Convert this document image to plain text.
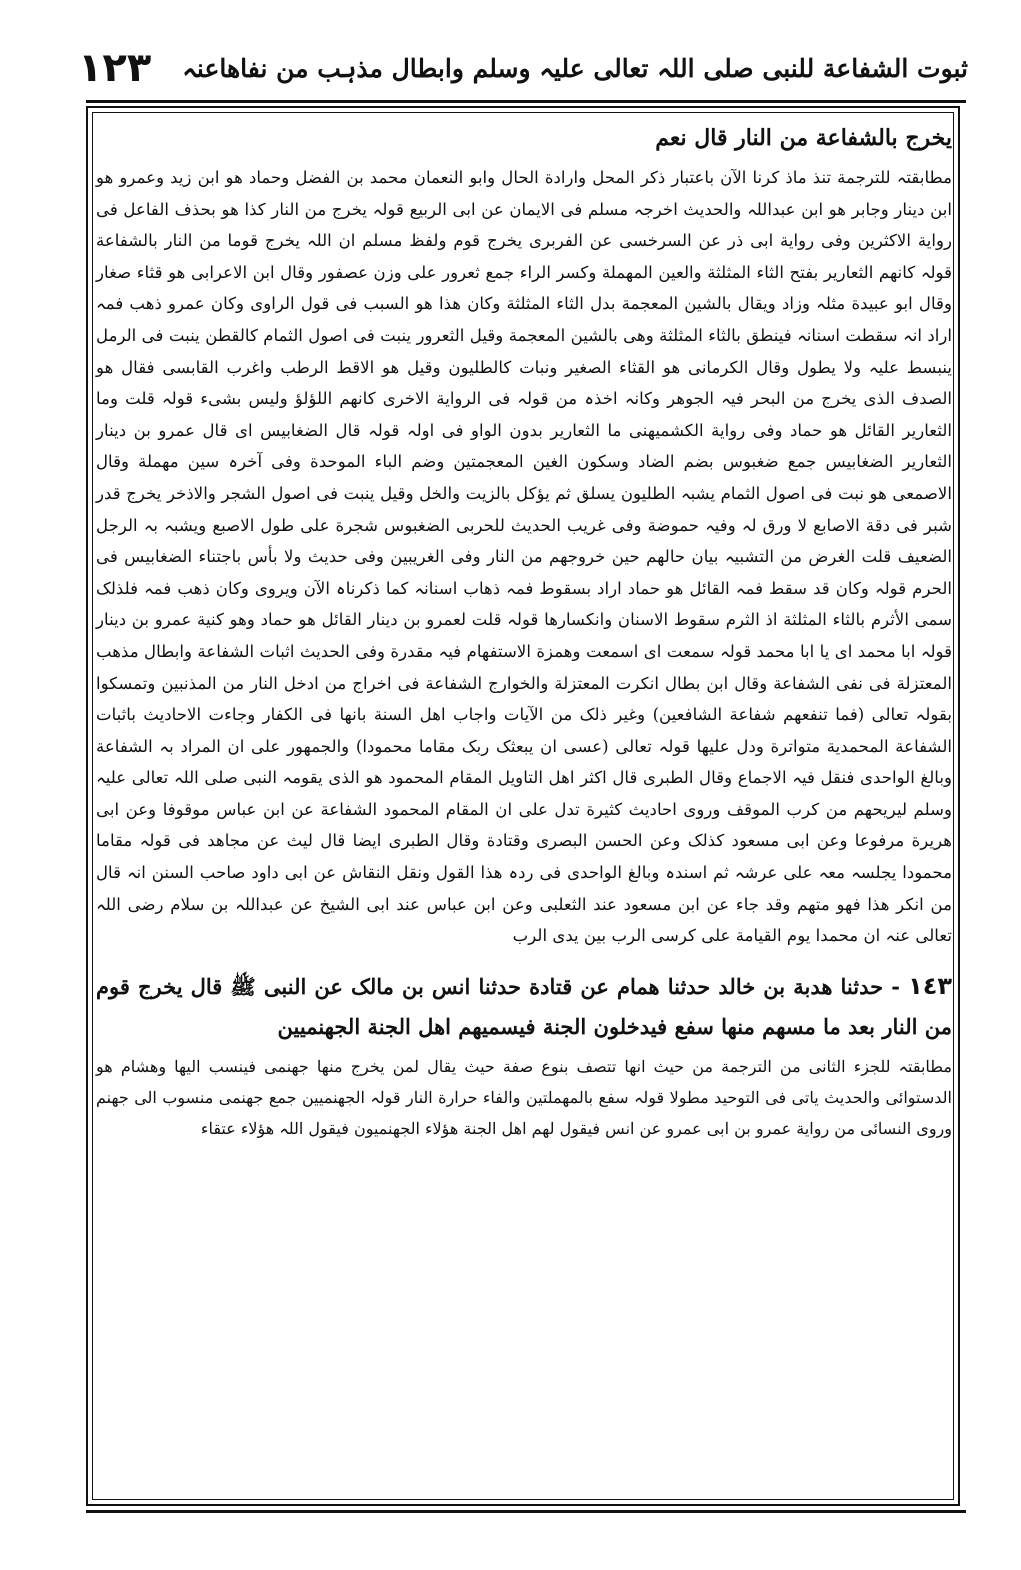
١٢٣ ثبوت الشفاعة للنبی صلی اللہ تعالی علیہ وسلم وابطال مذہب من نفاھاعنہ

یخرج بالشفاعة من النار قال نعم

مطابقتہ للترجمة تنذ ماذ کرنا الآن باعتبار ذکر المحل وارادة الحال وابو النعمان محمد بن الفضل وحماد ھو ابن زید وعمرو ھو ابن دینار وجابر ھو ابن عبداللہ والحدیث اخرجہ مسلم فی الایمان عن ابی الربیع قولہ یخرج من النار کذا ھو بحذف الفاعل فی روایة الاکثرین وفی روایة ابی ذر عن السرخسی عن الفربری یخرج قوم ولفظ مسلم ان اللہ یخرج قوما من النار بالشفاعة قولہ کانھم الثعاریر بفتح الثاء المثلثة والعین المھملة وکسر الراء جمع ثعرور علی وزن عصفور وقال ابن الاعرابی ھو قثاء صغار وقال ابو عبیدة مثلہ وزاد ویقال بالشین المعجمة بدل الثاء المثلثة وکان ھذا ھو السبب فی قول الراوی وکان عمرو ذھب فمہ اراد انہ سقطت اسنانہ فینطق بالثاء المثلثة وھی بالشین المعجمة وقیل الثعرور ینبت فی اصول الثمام کالقطن ینبت فی الرمل ینبسط علیہ ولا یطول وقال الکرمانی ھو القثاء الصغیر ونبات کالطلیون وقیل ھو الاقط الرطب واغرب القابسی فقال ھو الصدف الذی یخرج من البحر فیہ الجوھر وکانہ اخذہ من قولہ فی الروایة الاخری کانھم اللؤلؤ ولیس بشیء قولہ قلت وما الثعاریر القائل ھو حماد وفی روایة الکشمیھنی ما الثعاریر بدون الواو فی اولہ قولہ قال الضغابیس ای قال عمرو بن دینار الثعاریر الضغابیس جمع ضغبوس بضم الضاد وسکون الغین المعجمتین وضم الباء الموحدة وفی آخرہ سین مھملة وقال الاصمعی ھو نبت فی اصول الثمام یشبہ الطلیون یسلق ثم یؤکل بالزیت والخل وقیل ینبت فی اصول الشجر والاذخر یخرج قدر شبر فی دقة الاصابع لا ورق لہ وفیہ حموضة وفی غریب الحدیث للحربی الضغبوس شجرة علی طول الاصبع ویشبہ بہ الرجل الضعیف قلت الغرض من التشبیہ بیان حالھم حین خروجھم من النار وفی الغریبین وفی حدیث ولا بأس باجتناء الضغابیس فی الحرم قولہ وکان قد سقط فمہ القائل ھو حماد اراد بسقوط فمہ ذھاب اسنانہ کما ذکرناہ الآن ویروی وکان ذھب فمہ فلذلک سمی الأثرم بالثاء المثلثة اذ الثرم سقوط الاسنان وانکسارھا قولہ قلت لعمرو بن دینار القائل ھو حماد وھو کنیة عمرو بن دینار قولہ ابا محمد ای یا ابا محمد قولہ سمعت ای اسمعت وھمزة الاستفھام فیہ مقدرة وفی الحدیث اثبات الشفاعة وابطال مذھب المعتزلة فی نفی الشفاعة وقال ابن بطال انکرت المعتزلة والخوارج الشفاعة فی اخراج من ادخل النار من المذنبین وتمسکوا بقولہ تعالی (فما تنفعھم شفاعة الشافعین) وغیر ذلک من الآیات واجاب اھل السنة بانھا فی الکفار وجاءت الاحادیث باثبات الشفاعة المحمدیة متواترة ودل علیھا قولہ تعالی (عسی ان یبعثک ربک مقاما محمودا) والجمھور علی ان المراد بہ الشفاعة وبالغ الواحدی فنقل فیہ الاجماع وقال الطبری قال اکثر اھل التاویل المقام المحمود ھو الذی یقومہ النبی صلی اللہ تعالی علیہ وسلم لیریحھم من کرب الموقف وروی احادیث کثیرة تدل علی ان المقام المحمود الشفاعة عن ابن عباس موقوفا وعن ابی ھریرة مرفوعا وعن ابی مسعود کذلک وعن الحسن البصری وقتادة وقال الطبری ایضا قال لیث عن مجاھد فی قولہ مقاما محمودا یجلسہ معہ علی عرشہ ثم اسندہ وبالغ الواحدی فی ردہ ھذا القول ونقل النقاش عن ابی داود صاحب السنن انہ قال من انکر ھذا فھو متھم وقد جاء عن ابن مسعود عند الثعلبی وعن ابن عباس عند ابی الشیخ عن عبداللہ بن سلام رضی اللہ تعالی عنہ ان محمدا یوم القیامة علی کرسی الرب بین یدی الرب

١٤٣ - حدثنا ھدبة بن خالد حدثنا ھمام عن قتادة حدثنا انس بن مالک عن النبی ﷺ قال یخرج قوم من النار بعد ما مسھم منھا سفع فیدخلون الجنة فیسمیھم اھل الجنة الجھنمیین

مطابقتہ للجزء الثانی من الترجمة من حیث انھا تتصف بنوع صفة حیث یقال لمن یخرج منھا جھنمی فینسب الیھا وھشام ھو الدستوائی والحدیث یاتی فی التوحید مطولا قولہ سفع بالمھملتین والفاء حرارة النار قولہ الجھنمیین جمع جھنمی منسوب الی جھنم وروی النسائی من روایة عمرو بن ابی عمرو عن انس فیقول لھم اھل الجنة ھؤلاء الجھنمیون فیقول اللہ ھؤلاء عتقاء
